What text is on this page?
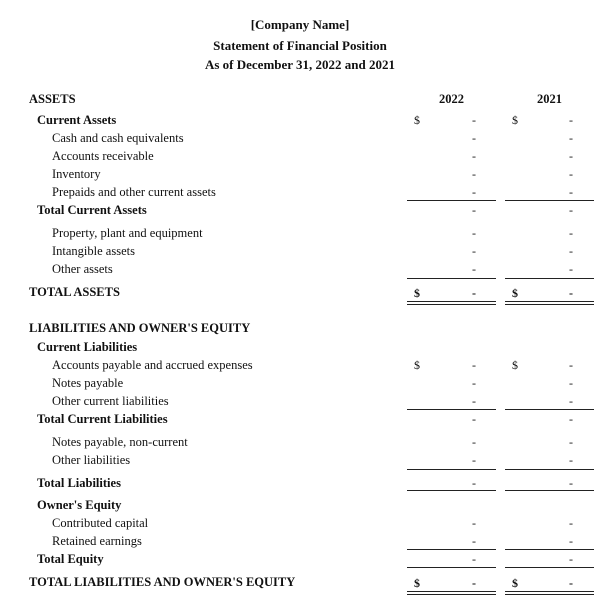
[Company Name]
Statement of Financial Position
As of December 31, 2022 and 2021
2022	2021
ASSETS
Current Assets	$	-	$	-
Cash and cash equivalents	-	-
Accounts receivable	-	-
Inventory	-	-
Prepaids and other current assets	-	-
Total Current Assets	-	-
Property, plant and equipment	-	-
Intangible assets	-	-
Other assets	-	-
TOTAL ASSETS	$	-	$	-
LIABILITIES AND OWNER'S EQUITY
Current Liabilities
Accounts payable and accrued expenses	$	-	$	-
Notes payable	-	-
Other current liabilities	-	-
Total Current Liabilities	-	-
Notes payable, non-current	-	-
Other liabilities	-	-
Total Liabilities	-	-
Owner's Equity
Contributed capital	-	-
Retained earnings	-	-
Total Equity	-	-
TOTAL LIABILITIES AND OWNER'S EQUITY	$	-	$	-
